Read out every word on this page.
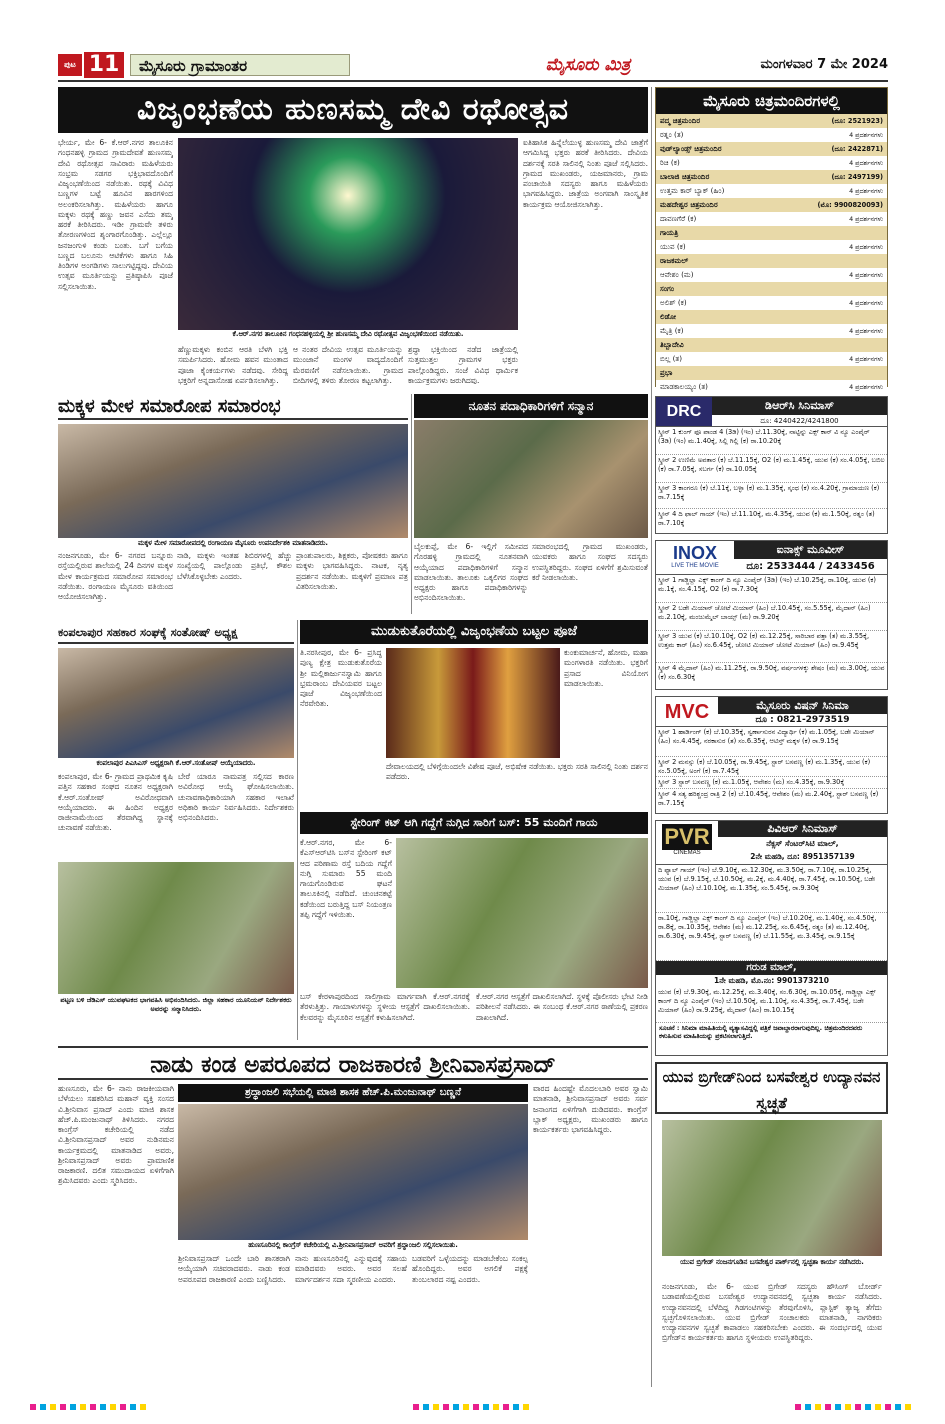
ಪುಟ 11	ಮೈಸೂರು ಗ್ರಾಮಾಂತರ	ಮೈಸೂರು ಮಿತ್ರ	ಮಂಗಳವಾರ 7 ಮೇ 2024
ವಿಜೃಂಭಣೆಯ ಹುಣಸಮ್ಮ ದೇವಿ ರಥೋತ್ಸವ
ಭೇರ್ಯ, ಮೇ 6- ಕೆ.ಆರ್.ನಗರ ತಾಲೂಕಿನ ಗಂಧನಹಳ್ಳಿ ಗ್ರಾಮದ ಗ್ರಾಮದೇವತೆ ಹುಣಸಮ್ಮ ದೇವಿ ರಥೋತ್ಸವ ಸಾವಿರಾರು ಮಹಿಳೆಯರು ಸಂಭ್ರಮ ಸಡಗರ ಭಕ್ತಿಭಾವದೊಂದಿಗೆ ವಿಜೃಂಭಣೆಯಿಂದ ನಡೆಯಿತು. ರಥಕ್ಕೆ ವಿವಿಧ ಬಣ್ಣಗಳ ಬಟ್ಟೆ ಹೂವಿನ ಹಾರಗಳಿಂದ ಅಲಂಕರಿಸಲಾಗಿತ್ತು. ಮಹಿಳೆಯರು ಹಾಗೂ ಮಕ್ಕಳು ರಥಕ್ಕೆ ಹಣ್ಣು ಜವನ ಎಸೆದು ತಮ್ಮ ಹರಕೆ ತೀರಿಸಿದರು. ಇಡೀ ಗ್ರಾಮವೇ ತಳಿರು ತೋರಣಗಳಿಂದ ಶೃಂಗಾರಗೊಂಡಿತ್ತು. ಎಲ್ಲೆಲ್ಲೂ ಜನಜಂಗುಳಿ ಕಂಡು ಬಂತು. ಬಗೆ ಬಗೆಯ ಬಣ್ಣದ ಬಲೂನು ಆಟಿಕೆಗಳು ಹಾಗೂ ಸಿಹಿ ತಿಂಡಿಗಳ ಅಂಗಡಿಗಳು ಸಾಲುಗಟ್ಟಿದ್ದವು. ದೇವಿಯ ಉತ್ಸವ ಮೂರ್ತಿಯನ್ನು ಪ್ರತಿಷ್ಠಾಪಿಸಿ ಪೂಜೆ ಸಲ್ಲಿಸಲಾಯಿತು.
ಕೆ.ಆರ್.ನಗರ ತಾಲೂಕಿನ ಗಂಧನಹಳ್ಳಿಯಲ್ಲಿ ಶ್ರೀ ಹುಣಸಮ್ಮ ದೇವಿ ರಥೋತ್ಸವ ವಿಜೃಂಭಣೆಯಿಂದ ನಡೆಯಿತು.
ಹೆಣ್ಣುಮಕ್ಕಳು ಕಂಬಿನ ಆರತಿ ಬೆಳಗಿ ಭಕ್ತಿ ಸಮರ್ಪಿಸಿದರು. ಹೋಮ ಹವನ ಮುಂತಾದ ಪೂಜಾ ಕೈಂಕರ್ಯಗಳು ನಡೆದವು. ಸೇರಿದ್ದ ಭಕ್ತರಿಗೆ ಅನ್ನದಾಸೋಹ ಏರ್ಪಡಿಸಲಾಗಿತ್ತು.
ಆ ನಂತರ ದೇವಿಯ ಉತ್ಸವ ಮೂರ್ತಿಯನ್ನು ಮುಂಜಾನೆ ಮಂಗಳ ವಾದ್ಯದೊಂದಿಗೆ ಮೆರವಣಿಗೆ ನಡೆಸಲಾಯಿತು. ಗ್ರಾಮದ ಬೀದಿಗಳಲ್ಲಿ ತಳಿರು ತೋರಣ ಕಟ್ಟಲಾಗಿತ್ತು.
ಶ್ರದ್ಧಾ ಭಕ್ತಿಯಿಂದ ನಡೆದ ಜಾತ್ರೆಯಲ್ಲಿ ಸುತ್ತಮುತ್ತಲ ಗ್ರಾಮಗಳ ಭಕ್ತರು ಪಾಲ್ಗೊಂಡಿದ್ದರು. ಸಂಜೆ ವಿವಿಧ ಧಾರ್ಮಿಕ ಕಾರ್ಯಕ್ರಮಗಳು ಜರುಗಿದವು.
ಐತಿಹಾಸಿಕ ಹಿನ್ನೆಲೆಯುಳ್ಳ ಹುಣಸಮ್ಮ ದೇವಿ ಜಾತ್ರೆಗೆ ಆಗಮಿಸಿದ್ದ ಭಕ್ತರು ಹರಕೆ ತೀರಿಸಿದರು. ದೇವಿಯ ದರ್ಶನಕ್ಕೆ ಸರತಿ ಸಾಲಿನಲ್ಲಿ ನಿಂತು ಪೂಜೆ ಸಲ್ಲಿಸಿದರು. ಗ್ರಾಮದ ಮುಖಂಡರು, ಯಜಮಾನರು, ಗ್ರಾಮ ಪಂಚಾಯಿತಿ ಸದಸ್ಯರು ಹಾಗೂ ಮಹಿಳೆಯರು ಭಾಗವಹಿಸಿದ್ದರು. ಜಾತ್ರೆಯ ಅಂಗವಾಗಿ ಸಾಂಸ್ಕೃತಿಕ ಕಾರ್ಯಕ್ರಮ ಆಯೋಜಿಸಲಾಗಿತ್ತು.
ಮೈಸೂರು ಚಿತ್ರಮಂದಿರಗಳಲ್ಲಿ
ಪದ್ಮ ಚಿತ್ರಮಂದಿರ	(ದೂ: 2521923)
ರತ್ನಂ (ತ)	4 ಪ್ರದರ್ಶನಗಳು
ವುಡ್‌ಲ್ಯಾಂಡ್ಸ್ ಚಿತ್ರಮಂದಿರ	(ದೂ: 2422871)
ರಿಚಿ (ಕ)	4 ಪ್ರದರ್ಶನಗಳು
ಬಾಲಾಜಿ ಚಿತ್ರಮಂದಿರ	(ದೂ: 2497199)
ಉತ್ತಮ ಕಾರ್ ಬ್ಯಾಕ್ (ಹಿಂ)	4 ಪ್ರದರ್ಶನಗಳು
ಮಹದೇಶ್ವರ ಚಿತ್ರಮಂದಿರ	(ಮೊ: 9900820093)
ದಾವಣಗೆರೆ (ಕ)	4 ಪ್ರದರ್ಶನಗಳು
ಗಾಯತ್ರಿ
ಯುವ (ಕ)	4 ಪ್ರದರ್ಶನಗಳು
ರಾಜಕಮಲ್
ಆವೇಶಂ (ಮ)	4 ಪ್ರದರ್ಶನಗಳು
ಸಂಗಂ
ಅಲಿಶ್ (ಕ)	4 ಪ್ರದರ್ಶನಗಳು
ಲಿಡೋ
ಮೈತ್ರಿ (ಕ)	4 ಪ್ರದರ್ಶನಗಳು
ತಿಬ್ಬಾದೇವಿ
ಬಿಲ್ಲ (ತ)	4 ಪ್ರದರ್ಶನಗಳು
ಪ್ರಭಾ
ಮಾಡಕಾಲಯ್ಯಂ (ತ)	4 ಪ್ರದರ್ಶನಗಳು
DRC	ಡಿಆರ್‌ಸಿ ಸಿನಿಮಾಸ್
ದೂ: 4240422/4241800
ಸ್ಕ್ರೀನ್ 1 ಕುಂಗ್ ಫೂ ಪಾಂಡ 4 (3ಡಿ) (ಇಂ) ಬೆ.11.30ಕ್ಕೆ, ನಾಟ್ಟಿನ್ನು ಎಕ್ಸ್ ಕಾನ್ ವಿ ನ್ಯೂ ಎಂಪೈರ್ (3ಡಿ) (ಇಂ) ಮ.1.40ಕ್ಕೆ, ಸಿಲ್ಲಿ ಗಿಲ್ಲಿ (ಕ) ರಾ.10.20ಕ್ಕೆ
ಸ್ಕ್ರೀನ್ 2 ಉಣಿಮೆ ಅವತಾರ (ಕ) ಬೆ.11.15ಕ್ಕೆ, O2 (ಕ) ಮ.1.45ಕ್ಕೆ, ಯುವ (ಕ) ಸಂ.4.05ಕ್ಕೆ, ಬಬಿಲ (ಕ) ರಾ.7.05ಕ್ಕೆ, ಸಬರ್ಗ (ಕ) ರಾ.10.05ಕ್ಕೆ
ಸ್ಕ್ರೀನ್ 3 ಕಾಂಗರೂ (ಕ) ಬೆ.11ಕ್ಕೆ, ಬಳ್ಳಾ (ಕ) ಮ.1.35ಕ್ಕೆ, ಸ್ಕಂಧ (ಕ) ಸಂ.4.20ಕ್ಕೆ, ಗ್ರಾಮಾಯಣ (ಕ) ರಾ.7.15ಕ್ಕೆ
ಸ್ಕ್ರೀನ್ 4 ದಿ ಫಾಲ್ ಗಾಯ್ (ಇಂ) ಬೆ.11.10ಕ್ಕೆ, ಮ.4.35ಕ್ಕೆ, ಯುವ (ಕ) ಮ.1.50ಕ್ಕೆ, ರತ್ನಂ (ತ) ರಾ.7.10ಕ್ಕೆ
INOX
LIVE THE MOVIE
ಐನಾಕ್ಸ್ ಮೂವೀಸ್
ದೂ: 2533444 / 2433456
ಸ್ಕ್ರೀನ್ 1 ಗಾಡ್ಜಿಲ್ಲಾ ಎಕ್ಸ್ ಕಾಂಗ್ ದಿ ನ್ಯೂ ಎಂಪೈರ್ (3ಡಿ) (ಇಂ) ಬೆ.10.25ಕ್ಕೆ, ರಾ.10ಕ್ಕೆ, ಯುವ (ಕ) ಮ.1ಕ್ಕೆ, ಸಂ.4.15ಕ್ಕೆ, O2 (ಕ) ರಾ.7.30ಕ್ಕೆ
ಸ್ಕ್ರೀನ್ 2 ಬಡೇ ಮಿಯಾನ್ ಚೋಟೆ ಮಿಯಾನ್ (ಹಿಂ) ಬೆ.10.45ಕ್ಕೆ, ಸಂ.5.55ಕ್ಕೆ, ಮೈದಾನ್ (ಹಿಂ) ಮ.2.10ಕ್ಕೆ, ಮಂಜುಮ್ಮೆಲ್ ಬಾಯ್ಸ್ (ಮ) ರಾ.9.20ಕ್ಕೆ
ಸ್ಕ್ರೀನ್ 3 ಯುವ (ಕ) ಬೆ.10.10ಕ್ಕೆ, O2 (ಕ) ಮ.12.25ಕ್ಕೆ, ಸಾರಿಬಾರ ಪತ್ತಾ (ತ) ಮ.3.55ಕ್ಕೆ, ಉತ್ತಮ ಕಾರ್ (ಹಿಂ) ಸಂ.6.45ಕ್ಕೆ, ಚೋಟಿ ಮಿಯಾನ್ ಚೋಟೆ ಮಿಯಾನ್ (ಹಿಂ) ರಾ.9.45ಕ್ಕೆ
ಸ್ಕ್ರೀನ್ 4 ಮೈದಾನ್ (ಹಿಂ) ಮ.11.25ಕ್ಕೆ, ರಾ.9.50ಕ್ಕೆ, ವರ್ಷಂಗಳಕ್ಕು ಶೇಷಂ (ಮ) ಮ.3.00ಕ್ಕೆ, ಯುವ (ಕ) ಸಂ.6.30ಕ್ಕೆ
MVC	ಮೈಸೂರು ವಿಷನ್ ಸಿನಿಮಾ
ದೂ : 0821-2973519
ಸ್ಕ್ರೀನ್ 1 ಹಾರ್ಡಿಂಗ್ (ಕ) ಬೆ.10.35ಕ್ಕೆ, ಸ್ವರ್ಣಾಸುರನ ವಿದ್ಯಾರ್ಥಿ (ಕ) ಮ.1.05ಕ್ಕೆ, ಬಡೇ ಮಿಯಾನ್ (ಹಿಂ) ಸಂ.4.45ಕ್ಕೆ, ನರಕಾಸುರ (ತ) ಸಂ.6.35ಕ್ಕೆ, ಆಟಿಸ್ತ್ ಮಕ್ಕಳ (ಕ) ರಾ.9.15ಕ್ಕೆ
ಸ್ಕ್ರೀನ್ 2 ಮನಸ್ಸು (ಕ) ಬೆ.10.05ಕ್ಕೆ, ರಾ.9.45ಕ್ಕೆ, ಸ್ಟಾರ್ ಬಸವಣ್ಣ (ಕ) ಮ.1.35ಕ್ಕೆ, ಯುವ (ಕ) ಸಂ.5.05ಕ್ಕೆ, ಅಂಗೆ (ಕ) ರಾ.7.45ಕ್ಕೆ
ಸ್ಕ್ರೀನ್ 3 ಸ್ಟಾರ್ ಬಸವಣ್ಣ (ಕ) ಮ.1.05ಕ್ಕೆ, ಆವೇಶಂ (ಮ) ಸಂ.4.35ಕ್ಕೆ, ರಾ.9.30ಕ್ಕೆ
ಸ್ಕ್ರೀನ್ 4 ಸತ್ಯ ಹರಿಶ್ಚಂದ್ರ ರಾತ್ರಿ 2 (ಕ) ಬೆ.10.45ಕ್ಕೆ, ಆವೇಶಂ (ಮ) ಮ.2.40ಕ್ಕೆ, ಸ್ಟಾರ್ ಬಸವಣ್ಣ (ಕ) ರಾ.7.15ಕ್ಕೆ
PVR
CINEMAS
ಪಿವಿಆರ್ ಸಿನಿಮಾಸ್
ನೆಕ್ಸಸ್ ಸೆಂಟರ್‌ಸಿಟಿ ಮಾಲ್,
2ನೇ ಮಹಡಿ, ದೂ: 8951357139
ದಿ ಫ್ಯಾಲ್ ಗಾಯ್ (ಇಂ) ಬೆ.9.10ಕ್ಕೆ, ಮ.12.30ಕ್ಕೆ, ಮ.3.50ಕ್ಕೆ, ರಾ.7.10ಕ್ಕೆ, ರಾ.10.25ಕ್ಕೆ, ಯುವ (ಕ) ಬೆ.9.15ಕ್ಕೆ, ಬೆ.10.50ಕ್ಕೆ, ಮ.2ಕ್ಕೆ, ಮ.4.40ಕ್ಕೆ, ರಾ.7.45ಕ್ಕೆ, ರಾ.10.50ಕ್ಕೆ, ಬಡೇ ಮಿಯಾನ್ (ಹಿಂ) ಬೆ.10.10ಕ್ಕೆ, ಮ.1.35ಕ್ಕೆ, ಸಂ.5.45ಕ್ಕೆ, ರಾ.9.30ಕ್ಕೆ
ರಾ.10ಕ್ಕೆ, ಗಾಡ್ಜಿಲ್ಲಾ ಎಕ್ಸ್ ಕಾಂಗ್ ದಿ ನ್ಯೂ ಎಂಪೈರ್ (ಇಂ) ಬೆ.10.20ಕ್ಕೆ, ಮ.1.40ಕ್ಕೆ, ಸಂ.4.50ಕ್ಕೆ, ರಾ.8ಕ್ಕೆ, ರಾ.10.35ಕ್ಕೆ, ಆವೇಶಂ (ಮ) ಮ.12.25ಕ್ಕೆ, ಸಂ.6.45ಕ್ಕೆ, ರತ್ನಂ (ತ) ಮ.12.40ಕ್ಕೆ, ರಾ.6.30ಕ್ಕೆ, ರಾ.9.45ಕ್ಕೆ, ಸ್ಟಾರ್ ಬಸವಣ್ಣ (ಕ) ಬೆ.11.55ಕ್ಕೆ, ಮ.3.45ಕ್ಕೆ, ರಾ.9.15ಕ್ಕೆ
ಗರುಡ ಮಾಲ್,
1ನೇ ಮಹಡಿ, ಮೊ.ನಂ: 9901373210
ಯುವ (ಕ) ಬೆ.9.30ಕ್ಕೆ, ಮ.12.25ಕ್ಕೆ, ಮ.3.40ಕ್ಕೆ, ಸಂ.6.30ಕ್ಕೆ, ರಾ.10.05ಕ್ಕೆ, ಗಾಡ್ಜಿಲ್ಲಾ ಎಕ್ಸ್ ಕಾಂಗ್ ದಿ ನ್ಯೂ ಎಂಪೈರ್ (ಇಂ) ಬೆ.10.50ಕ್ಕೆ, ಮ.1.10ಕ್ಕೆ, ಸಂ.4.35ಕ್ಕೆ, ರಾ.7.45ಕ್ಕೆ, ಬಡೇ ಮಿಯಾನ್ (ಹಿಂ) ರಾ.9.25ಕ್ಕೆ, ಮೈದಾನ್ (ಹಿಂ) ರಾ.10.15ಕ್ಕೆ
ಸೂಚನೆ : ಸಿನಿಮಾ ಮಾಹಿತಿಯಲ್ಲಿ ವ್ಯತ್ಯಾಸವಿದ್ದಲ್ಲಿ ಪತ್ರಿಕೆ ಜವಾಬ್ದಾರರಾಗುವುದಿಲ್ಲ. ಚಿತ್ರಮಂದಿರದವರು ಕಳುಹಿಸುವ ಮಾಹಿತಿಯನ್ನು ಪ್ರಕಟಿಸಲಾಗುತ್ತಿದೆ.
ಮಕ್ಕಳ ಮೇಳ ಸಮಾರೋಪ ಸಮಾರಂಭ
ಮಕ್ಕಳ ಮೇಳ ಸಮಾರೋಪದಲ್ಲಿ ರಂಗಾಯಣ ಮೈಸೂರು ಉಪನಿರ್ದೇಶಕಿ ಮಾತನಾಡಿದರು.
ನಂಜನಗೂಡು, ಮೇ 6- ನಗರದ ಬನ್ನೂರು ರಸ್ತೆಯಲ್ಲಿರುವ ಶಾಲೆಯಲ್ಲಿ 24 ದಿನಗಳ ಮಕ್ಕಳ ಮೇಳ ಕಾರ್ಯಕ್ರಮದ ಸಮಾರೋಪ ಸಮಾರಂಭ ನಡೆಯಿತು. ರಂಗಾಯಣ ಮೈಸೂರು ವತಿಯಿಂದ ಆಯೋಜಿಸಲಾಗಿತ್ತು.
ನಾಡಿ, ಮಕ್ಕಳು ಇಂತಹ ಶಿಬಿರಗಳಲ್ಲಿ ಹೆಚ್ಚು ಸಂಖ್ಯೆಯಲ್ಲಿ ಪಾಲ್ಗೊಂಡು ಪ್ರತಿಭೆ, ಕೌಶಲ ಬೆಳೆಸಿಕೊಳ್ಳಬೇಕು ಎಂದರು.
ನೂತನ ಪದಾಧಿಕಾರಿಗಳಿಗೆ ಸನ್ಮಾನ
ಬೈಲಕುಪ್ಪೆ, ಮೇ 6- ಇಲ್ಲಿಗೆ ಸಮೀಪದ ಗೊರಹಳ್ಳಿ ಗ್ರಾಮದಲ್ಲಿ ನೂತನವಾಗಿ ಆಯ್ಕೆಯಾದ ಪದಾಧಿಕಾರಿಗಳಿಗೆ ಸನ್ಮಾನ ಮಾಡಲಾಯಿತು. ತಾಲೂಕು ಒಕ್ಕಲಿಗರ ಸಂಘದ ಅಧ್ಯಕ್ಷರು ಹಾಗೂ ಪದಾಧಿಕಾರಿಗಳನ್ನು ಅಭಿನಂದಿಸಲಾಯಿತು.
ಸಮಾರಂಭದಲ್ಲಿ ಗ್ರಾಮದ ಮುಖಂಡರು, ಯುವಕರು ಹಾಗೂ ಸಂಘದ ಸದಸ್ಯರು ಉಪಸ್ಥಿತರಿದ್ದರು. ಸಂಘದ ಏಳಿಗೆಗೆ ಶ್ರಮಿಸುವಂತೆ ಕರೆ ನೀಡಲಾಯಿತು.
ಪ್ರಾಂಶುಪಾಲರು, ಶಿಕ್ಷಕರು, ಪೋಷಕರು ಹಾಗೂ ಮಕ್ಕಳು ಭಾಗವಹಿಸಿದ್ದರು. ನಾಟಕ, ನೃತ್ಯ ಪ್ರದರ್ಶನ ನಡೆಯಿತು. ಮಕ್ಕಳಿಗೆ ಪ್ರಮಾಣ ಪತ್ರ ವಿತರಿಸಲಾಯಿತು.
ಕಂಪಲಾಪುರ ಸಹಕಾರ ಸಂಘಕ್ಕೆ ಸಂತೋಷ್ ಅಧ್ಯಕ್ಷ
ಕಂಪಲಾಪುರ ಪಿಎಸಿಎಸ್ ಅಧ್ಯಕ್ಷರಾಗಿ ಕೆ.ಆರ್.ಸಂತೋಷ್ ಆಯ್ಕೆಯಾದರು.
ಕಂಪಲಾಪುರ, ಮೇ 6- ಗ್ರಾಮದ ಪ್ರಾಥಮಿಕ ಕೃಷಿ ಪತ್ತಿನ ಸಹಕಾರ ಸಂಘದ ನೂತನ ಅಧ್ಯಕ್ಷರಾಗಿ ಕೆ.ಆರ್.ಸಂತೋಷ್ ಅವಿರೋಧವಾಗಿ ಆಯ್ಕೆಯಾದರು. ಈ ಹಿಂದಿನ ಅಧ್ಯಕ್ಷರ ರಾಜೀನಾಮೆಯಿಂದ ತೆರವಾಗಿದ್ದ ಸ್ಥಾನಕ್ಕೆ ಚುನಾವಣೆ ನಡೆಯಿತು.
ಬೇರೆ ಯಾರೂ ನಾಮಪತ್ರ ಸಲ್ಲಿಸದ ಕಾರಣ ಅವಿರೋಧ ಆಯ್ಕೆ ಘೋಷಿಸಲಾಯಿತು. ಚುನಾವಣಾಧಿಕಾರಿಯಾಗಿ ಸಹಕಾರ ಇಲಾಖೆ ಅಧಿಕಾರಿ ಕಾರ್ಯ ನಿರ್ವಹಿಸಿದರು. ನಿರ್ದೇಶಕರು ಅಭಿನಂದಿಸಿದರು.
ಪಟ್ಟಣ ಬಳಿ ಜೆಡಿಎಸ್ ಯುವಘಟಕದ ಭಾಗವಹಿಸಿ ಅಭಿನಂದಿಸಿದರು. ಜಿಲ್ಲಾ ಸಹಕಾರ ಯೂನಿಯನ್ ನಿರ್ದೇಶಕರು ಅವರನ್ನು ಸನ್ಮಾನಿಸಿದರು.
ಮುಡುಕುತೊರೆಯಲ್ಲಿ ವಿಜೃಂಭಣೆಯ ಬಟ್ಟಲ ಪೂಜೆ
ತಿ.ನರಸೀಪುರ, ಮೇ 6- ಪ್ರಸಿದ್ಧ ಪುಣ್ಯ ಕ್ಷೇತ್ರ ಮುಡುಕುತೊರೆಯ ಶ್ರೀ ಮಲ್ಲಿಕಾರ್ಜುನಸ್ವಾಮಿ ಹಾಗೂ ಭ್ರಮರಾಂಬ ದೇವಿಯವರ ಬಟ್ಟಲ ಪೂಜೆ ವಿಜೃಂಭಣೆಯಿಂದ ನೆರವೇರಿತು.
ಕುಂಕುಮಾರ್ಚನೆ, ಹೋಮ, ಮಹಾ ಮಂಗಳಾರತಿ ನಡೆಯಿತು. ಭಕ್ತರಿಗೆ ಪ್ರಸಾದ ವಿನಿಯೋಗ ಮಾಡಲಾಯಿತು.
ದೇವಾಲಯದಲ್ಲಿ ಬೆಳಿಗ್ಗೆಯಿಂದಲೇ ವಿಶೇಷ ಪೂಜೆ, ಅಭಿಷೇಕ ನಡೆಯಿತು. ಭಕ್ತರು ಸರತಿ ಸಾಲಿನಲ್ಲಿ ನಿಂತು ದರ್ಶನ ಪಡೆದರು.
ಸ್ಟೇರಿಂಗ್ ಕಟ್ ಆಗಿ ಗದ್ದೆಗೆ ನುಗ್ಗಿದ ಸಾರಿಗೆ ಬಸ್: 55 ಮಂದಿಗೆ ಗಾಯ
ಕೆ.ಆರ್.ನಗರ, ಮೇ 6- ಕೆಎಸ್‌ಆರ್‌ಟಿಸಿ ಬಸ್‌ನ ಸ್ಟೇರಿಂಗ್ ಕಟ್ ಆದ ಪರಿಣಾಮ ರಸ್ತೆ ಬದಿಯ ಗದ್ದೆಗೆ ನುಗ್ಗಿ ಸುಮಾರು 55 ಮಂದಿ ಗಾಯಗೊಂಡಿರುವ ಘಟನೆ ತಾಲೂಕಿನಲ್ಲಿ ನಡೆದಿದೆ. ಚುಂಚನಕಟ್ಟೆ ಕಡೆಯಿಂದ ಬರುತ್ತಿದ್ದ ಬಸ್ ನಿಯಂತ್ರಣ ತಪ್ಪಿ ಗದ್ದೆಗೆ ಇಳಿಯಿತು.
ಬಸ್ ಕೇರಳಾಪುರದಿಂದ ಸಾಲಿಗ್ರಾಮ ಮಾರ್ಗವಾಗಿ ಕೆ.ಆರ್.ನಗರಕ್ಕೆ ತೆರಳುತ್ತಿತ್ತು. ಗಾಯಾಳುಗಳನ್ನು ಸ್ಥಳೀಯ ಆಸ್ಪತ್ರೆಗೆ ದಾಖಲಿಸಲಾಯಿತು. ಕೆಲವರನ್ನು ಮೈಸೂರಿನ ಆಸ್ಪತ್ರೆಗೆ ಕಳುಹಿಸಲಾಗಿದೆ.
ಕೆ.ಆರ್.ನಗರ ಆಸ್ಪತ್ರೆಗೆ ದಾಖಲಿಸಲಾಗಿದೆ. ಸ್ಥಳಕ್ಕೆ ಪೊಲೀಸರು ಭೇಟಿ ನೀಡಿ ಪರಿಶೀಲನೆ ನಡೆಸಿದರು. ಈ ಸಂಬಂಧ ಕೆ.ಆರ್.ನಗರ ಠಾಣೆಯಲ್ಲಿ ಪ್ರಕರಣ ದಾಖಲಾಗಿದೆ.
ನಾಡು ಕಂಡ ಅಪರೂಪದ ರಾಜಕಾರಣಿ ಶ್ರೀನಿವಾಸಪ್ರಸಾದ್
ಹುಣಸೂರು, ಮೇ 6- ನಾನು ರಾಜಕೀಯವಾಗಿ ಬೆಳೆಯಲು ಸಹಕರಿಸಿದ ಮಹಾನ್ ವ್ಯಕ್ತಿ ಸಂಸದ ವಿ.ಶ್ರೀನಿವಾಸ ಪ್ರಸಾದ್ ಎಂದು ಮಾಜಿ ಶಾಸಕ ಹೆಚ್.ಪಿ.ಮಂಜುನಾಥ್ ತಿಳಿಸಿದರು. ನಗರದ ಕಾಂಗ್ರೆಸ್ ಕಚೇರಿಯಲ್ಲಿ ನಡೆದ ವಿ.ಶ್ರೀನಿವಾಸಪ್ರಸಾದ್ ಅವರ ನುಡಿನಮನ ಕಾರ್ಯಕ್ರಮದಲ್ಲಿ ಮಾತನಾಡಿದ ಅವರು, ಶ್ರೀನಿವಾಸಪ್ರಸಾದ್ ಅವರು ಪ್ರಾಮಾಣಿಕ ರಾಜಕಾರಣಿ. ದಲಿತ ಸಮುದಾಯದ ಏಳಿಗೆಗಾಗಿ ಶ್ರಮಿಸಿದವರು ಎಂದು ಸ್ಮರಿಸಿದರು.
ಶ್ರದ್ಧಾಂಜಲಿ ಸಭೆಯಲ್ಲಿ ಮಾಜಿ ಶಾಸಕ ಹೆಚ್.ಪಿ.ಮಂಜುನಾಥ್ ಬಣ್ಣನೆ
ಹುಣಸೂರಿನಲ್ಲಿ ಕಾಂಗ್ರೆಸ್ ಕಚೇರಿಯಲ್ಲಿ ವಿ.ಶ್ರೀನಿವಾಸಪ್ರಸಾದ್ ಅವರಿಗೆ ಶ್ರದ್ಧಾಂಜಲಿ ಸಲ್ಲಿಸಲಾಯಿತು.
ಶ್ರೀನಿವಾಸಪ್ರಸಾದ್ ಒಂದೇ ಬಾರಿ ಶಾಸಕರಾಗಿ ಆಯ್ಕೆಯಾಗಿ ಸಚಿವರಾದವರು. ನಾಡು ಕಂಡ ಅಪರೂಪದ ರಾಜಕಾರಣಿ ಎಂದು ಬಣ್ಣಿಸಿದರು.
ನಾನು ಹುಣಸೂರಿನಲ್ಲಿ ಎನ್ನುವುದಕ್ಕೆ ಸಹಾಯ ಮಾಡಿದವರು ಅವರು. ಅವರ ಸಲಹೆ ಮಾರ್ಗದರ್ಶನ ಸದಾ ಸ್ಮರಣೀಯ ಎಂದರು.
ಬಡವರಿಗೆ ಒಳ್ಳೆಯದನ್ನು ಮಾಡಬೇಕೆಂಬ ಸಂಕಲ್ಪ ಹೊಂದಿದ್ದರು. ಅವರ ಅಗಲಿಕೆ ಪಕ್ಷಕ್ಕೆ ತುಂಬಲಾರದ ನಷ್ಟ ಎಂದರು.
ವಾರದ ಹಿಂದಷ್ಟೇ ಮೊದಲಬಾರಿ ಅವರ ಸ್ವಾಮಿ ಮಾತನಾಡಿ, ಶ್ರೀನಿವಾಸಪ್ರಸಾದ್ ಅವರು ಸರ್ವ ಜನಾಂಗದ ಏಳಿಗೆಗಾಗಿ ದುಡಿದವರು. ಕಾಂಗ್ರೆಸ್ ಬ್ಲಾಕ್ ಅಧ್ಯಕ್ಷರು, ಮುಖಂಡರು ಹಾಗೂ ಕಾರ್ಯಕರ್ತರು ಭಾಗವಹಿಸಿದ್ದರು.
ಯುವ ಬ್ರಿಗೇಡ್‌ನಿಂದ ಬಸವೇಶ್ವರ ಉದ್ಯಾನವನ ಸ್ವಚ್ಛತೆ
ಯುವ ಬ್ರಿಗೇಡ್ ನಂಜನಗೂಡಿನ ಬಸವೇಶ್ವರ ಪಾರ್ಕ್‌ನಲ್ಲಿ ಸ್ವಚ್ಛತಾ ಕಾರ್ಯ ನಡೆಸಿದರು.
ನಂಜನಗೂಡು, ಮೇ 6- ಯುವ ಬ್ರಿಗೇಡ್ ಸದಸ್ಯರು ಹೌಸಿಂಗ್ ಬೋರ್ಡ್ ಬಡಾವಣೆಯಲ್ಲಿರುವ ಬಸವೇಶ್ವರ ಉದ್ಯಾನವನದಲ್ಲಿ ಸ್ವಚ್ಛತಾ ಕಾರ್ಯ ನಡೆಸಿದರು. ಉದ್ಯಾನವನದಲ್ಲಿ ಬೆಳೆದಿದ್ದ ಗಿಡಗಂಟಿಗಳನ್ನು ತೆರವುಗೊಳಿಸಿ, ಪ್ಲಾಸ್ಟಿಕ್ ತ್ಯಾಜ್ಯ ತೆಗೆದು ಸ್ವಚ್ಛಗೊಳಿಸಲಾಯಿತು. ಯುವ ಬ್ರಿಗೇಡ್ ಸಂಚಾಲಕರು ಮಾತನಾಡಿ, ನಾಗರಿಕರು ಉದ್ಯಾನವನಗಳ ಸ್ವಚ್ಛತೆ ಕಾಪಾಡಲು ಸಹಕರಿಸಬೇಕು ಎಂದರು. ಈ ಸಂದರ್ಭದಲ್ಲಿ ಯುವ ಬ್ರಿಗೇಡ್‌ನ ಕಾರ್ಯಕರ್ತರು ಹಾಗೂ ಸ್ಥಳೀಯರು ಉಪಸ್ಥಿತರಿದ್ದರು.
